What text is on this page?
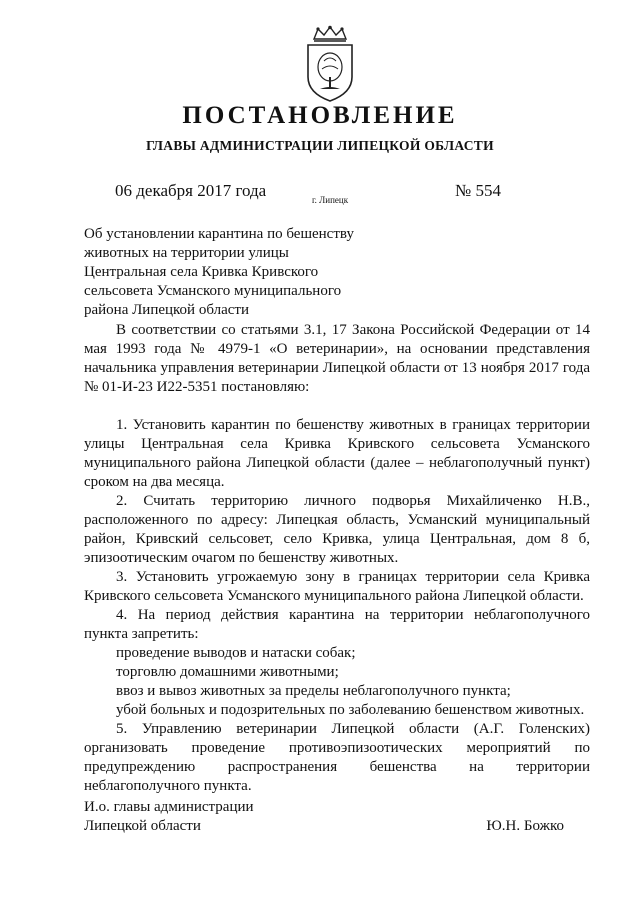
ПОСТАНОВЛЕНИЕ
ГЛАВЫ АДМИНИСТРАЦИИ ЛИПЕЦКОЙ ОБЛАСТИ
06 декабря 2017 года	г. Липецк	№ 554
Об установлении карантина по бешенству
животных на территории улицы
Центральная села Кривка Кривского
сельсовета Усманского муниципального
района Липецкой области

В соответствии со статьями 3.1, 17 Закона Российской Федерации от 14 мая 1993 года № 4979-1 «О ветеринарии», на основании представления начальника управления ветеринарии Липецкой области от 13 ноября 2017 года № 01-И-23 И22-5351 постановляю:

1. Установить карантин по бешенству животных в границах территории улицы Центральная села Кривка Кривского сельсовета Усманского муниципального района Липецкой области (далее – неблагополучный пункт) сроком на два месяца.

2. Считать территорию личного подворья Михайличенко Н.В., расположенного по адресу: Липецкая область, Усманский муниципальный район, Кривский сельсовет, село Кривка, улица Центральная, дом 8 б, эпизоотическим очагом по бешенству животных.

3. Установить угрожаемую зону в границах территории села Кривка Кривского сельсовета Усманского муниципального района Липецкой области.

4. На период действия карантина на территории неблагополучного пункта запретить:

проведение выводов и натаски собак;

торговлю домашними животными;

ввоз и вывоз животных за пределы неблагополучного пункта;

убой больных и подозрительных по заболеванию бешенством животных.

5. Управлению ветеринарии Липецкой области (А.Г. Голенских) организовать проведение противоэпизоотических мероприятий по предупреждению распространения бешенства на территории неблагополучного пункта.

И.о. главы администрации
Липецкой области	Ю.Н. Божко
